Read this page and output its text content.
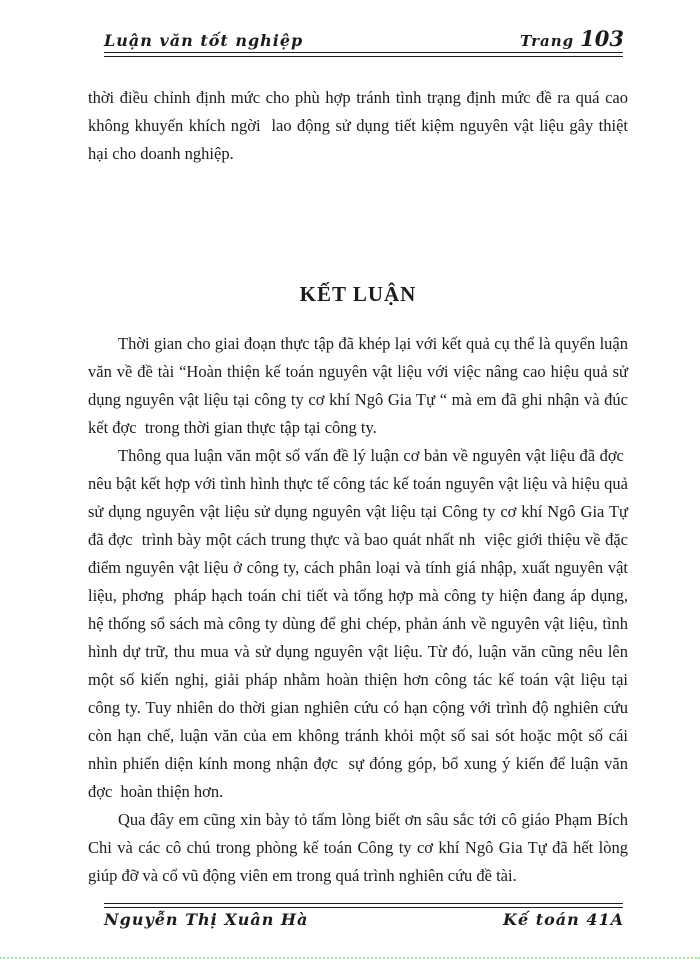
Luận văn tốt nghiệp	Trang 103

thời điều chỉnh định mức cho phù hợp tránh tình trạng định mức đề ra quá cao không khuyến khích ngời  lao động sử dụng tiết kiệm nguyên vật liệu gây thiệt hại cho doanh nghiệp.

KẾT LUẬN

Thời gian cho giai đoạn thực tập đã khép lại với kết quả cụ thể là quyển luận văn về đề tài “Hoàn thiện kế toán nguyên vật liệu với việc nâng cao hiệu quả sử dụng nguyên vật liệu tại công ty cơ khí Ngô Gia Tự “ mà em đã ghi nhận và đúc kết đợc  trong thời gian thực tập tại công ty.

Thông qua luận văn một số vấn đề lý luận cơ bản về nguyên vật liệu đã đợc  nêu bật kết hợp với tình hình thực tế công tác kế toán nguyên vật liệu và hiệu quả sử dụng nguyên vật liệu sử dụng nguyên vật liệu tại Công ty cơ khí Ngô Gia Tự đã đợc  trình bày một cách trung thực và bao quát nhất nh  việc giới thiệu về đặc điểm nguyên vật liệu ở công ty, cách phân loại và tính giá nhập, xuất nguyên vật liệu, phơng  pháp hạch toán chi tiết và tổng hợp mà công ty hiện đang áp dụng, hệ thống sổ sách mà công ty dùng để ghi chép, phản ánh về nguyên vật liệu, tình hình dự trữ, thu mua và sử dụng nguyên vật liệu. Từ đó, luận văn cũng nêu lên một số kiến nghị, giải pháp nhằm hoàn thiện hơn công tác kế toán vật liệu tại công ty. Tuy nhiên do thời gian nghiên cứu có hạn cộng với trình độ nghiên cứu còn hạn chế, luận văn của em không tránh khỏi một số sai sót hoặc một số cái nhìn phiến diện kính mong nhận đợc  sự đóng góp, bổ xung ý kiến để luận văn đợc  hoàn thiện hơn.

Qua đây em cũng xin bày tỏ tấm lòng biết ơn sâu sắc tới cô giáo Phạm Bích Chi và các cô chú trong phòng kế toán Công ty cơ khí Ngô Gia Tự đã hết lòng giúp đỡ và cổ vũ động viên em trong quá trình nghiên cứu đề tài.

Nguyễn Thị Xuân Hà	Kế toán 41A
